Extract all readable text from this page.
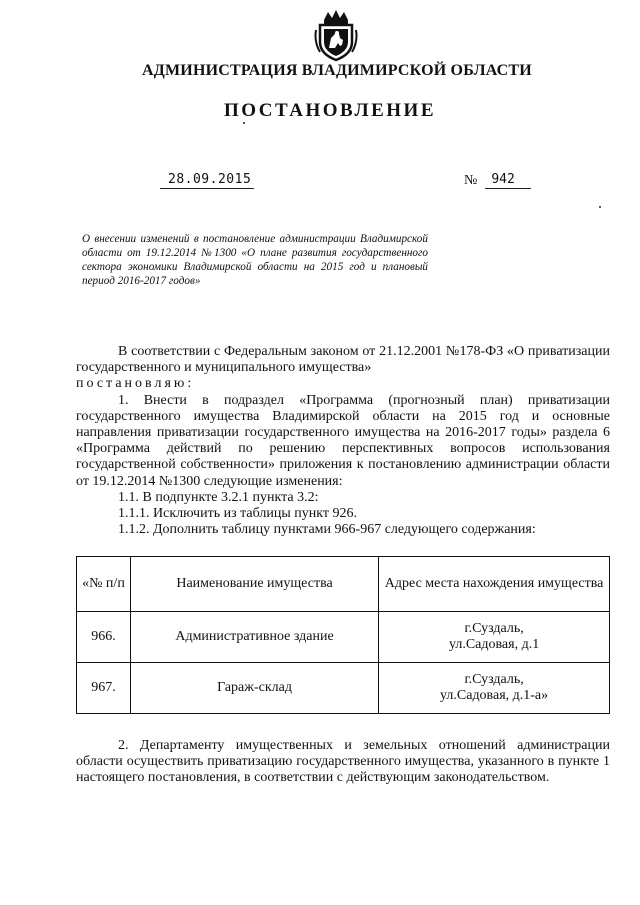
АДМИНИСТРАЦИЯ ВЛАДИМИРСКОЙ ОБЛАСТИ
ПОСТАНОВЛЕНИЕ
28.09.2015	№	942

О внесении изменений в постановление администрации Владимирской области от 19.12.2014 №1300 «О плане развития государственного сектора экономики Владимирской области на 2015 год и плановый период 2016-2017 годов»

В соответствии с Федеральным законом от 21.12.2001 №178-ФЗ «О приватизации государственного и муниципального имущества»

постановляю:

1. Внести в подраздел «Программа (прогнозный план) приватизации государственного имущества Владимирской области на 2015 год и основные направления приватизации государственного имущества на 2016-2017 годы» раздела 6 «Программа действий по решению перспективных вопросов использования государственной собственности» приложения к постановлению администрации области от 19.12.2014 №1300 следующие изменения:

1.1. В подпункте 3.2.1 пункта 3.2:

1.1.1. Исключить из таблицы пункт 926.

1.1.2. Дополнить таблицу пунктами 966-967 следующего содержания:

«№ п/п	Наименование имущества	Адрес места нахождения имущества
966.	Административное здание	г.Суздаль,
ул.Садовая, д.1

967.	Гараж-склад	г.Суздаль,
ул.Садовая, д.1-а»

2. Департаменту имущественных и земельных отношений администрации области осуществить приватизацию государственного имущества, указанного в пункте 1 настоящего постановления, в соответствии с действующим законодательством.
